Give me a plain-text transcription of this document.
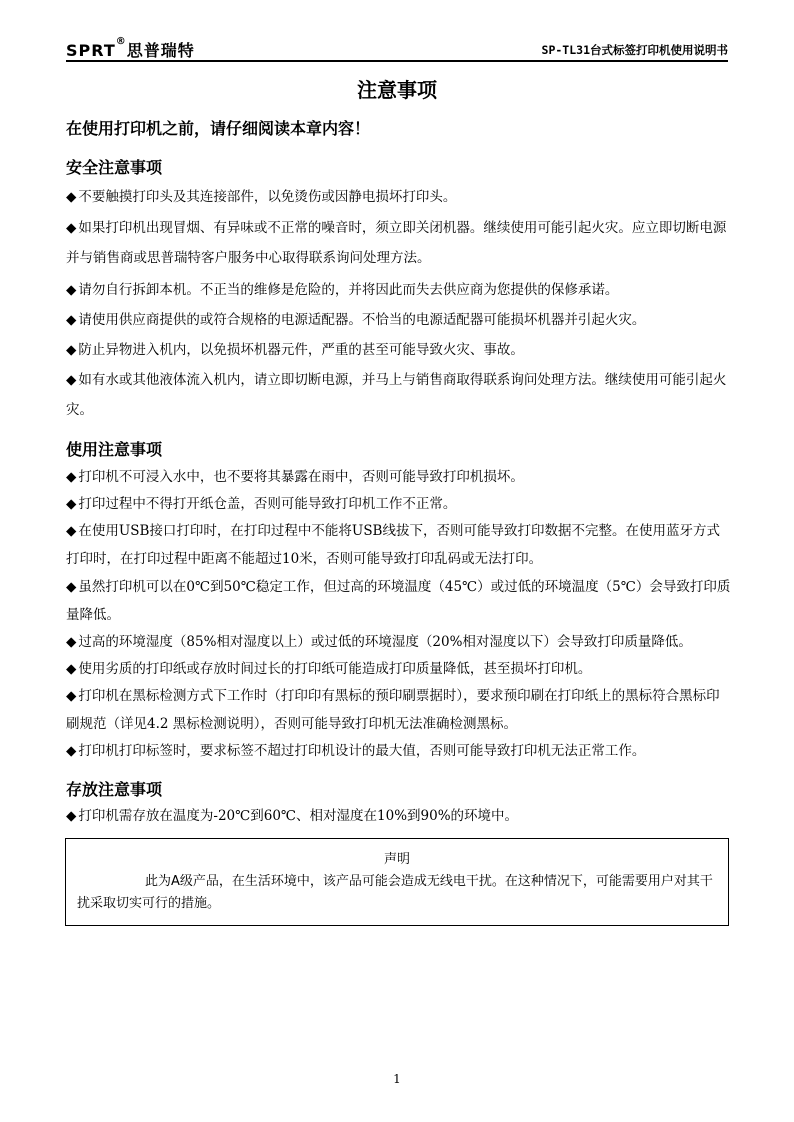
SPRT®思普瑞特	SP-TL31台式标签打印机使用说明书
注意事项
在使用打印机之前，请仔细阅读本章内容！
安全注意事项
◆ 不要触摸打印头及其连接部件，以免烫伤或因静电损坏打印头。
◆ 如果打印机出现冒烟、有异味或不正常的噪音时，须立即关闭机器。继续使用可能引起火灾。应立即切断电源并与销售商或思普瑞特客户服务中心取得联系询问处理方法。
◆ 请勿自行拆卸本机。不正当的维修是危险的，并将因此而失去供应商为您提供的保修承诺。
◆ 请使用供应商提供的或符合规格的电源适配器。不恰当的电源适配器可能损坏机器并引起火灾。
◆ 防止异物进入机内，以免损坏机器元件，严重的甚至可能导致火灾、事故。
◆ 如有水或其他液体流入机内，请立即切断电源，并马上与销售商取得联系询问处理方法。继续使用可能引起火灾。
使用注意事项
◆ 打印机不可浸入水中，也不要将其暴露在雨中，否则可能导致打印机损坏。
◆ 打印过程中不得打开纸仓盖，否则可能导致打印机工作不正常。
◆ 在使用USB接口打印时，在打印过程中不能将USB线拔下，否则可能导致打印数据不完整。在使用蓝牙方式打印时，在打印过程中距离不能超过10米，否则可能导致打印乱码或无法打印。
◆ 虽然打印机可以在0℃到50℃稳定工作，但过高的环境温度（45℃）或过低的环境温度（5℃）会导致打印质量降低。
◆ 过高的环境湿度（85%相对湿度以上）或过低的环境湿度（20%相对湿度以下）会导致打印质量降低。
◆ 使用劣质的打印纸或存放时间过长的打印纸可能造成打印质量降低，甚至损坏打印机。
◆ 打印机在黑标检测方式下工作时（打印印有黑标的预印刷票据时），要求预印刷在打印纸上的黑标符合黑标印刷规范（详见4.2 黑标检测说明），否则可能导致打印机无法准确检测黑标。
◆ 打印机打印标签时，要求标签不超过打印机设计的最大值，否则可能导致打印机无法正常工作。
存放注意事项
◆ 打印机需存放在温度为-20℃到60℃、相对湿度在10%到90%的环境中。
声明
此为A级产品，在生活环境中，该产品可能会造成无线电干扰。在这种情况下，可能需要用户对其干扰采取切实可行的措施。
1
